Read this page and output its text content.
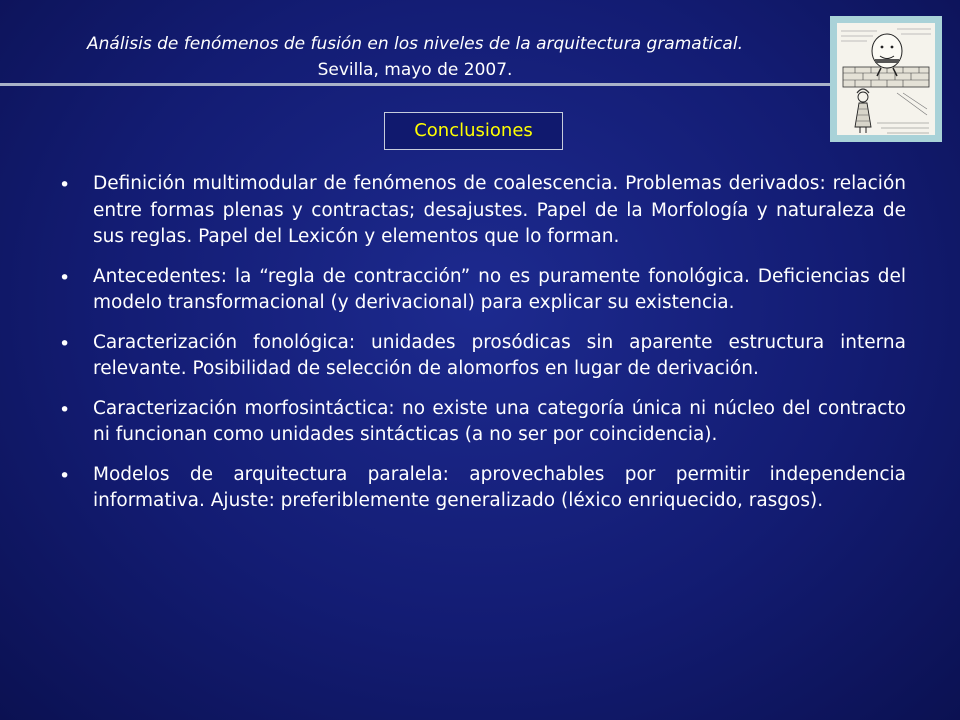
Análisis de fenómenos de fusión en los niveles de la arquitectura gramatical.
Sevilla, mayo de 2007.
Conclusiones
• Definición multimodular de fenómenos de coalescencia. Problemas derivados: relación entre formas plenas y contractas; desajustes. Papel de la Morfología y naturaleza de sus reglas. Papel del Lexicón y elementos que lo forman.
• Antecedentes: la “regla de contracción” no es puramente fonológica. Deficiencias del modelo transformacional (y derivacional) para explicar su existencia.
• Caracterización fonológica: unidades prosódicas sin aparente estructura interna relevante. Posibilidad de selección de alomorfos en lugar de derivación.
• Caracterización morfosintáctica: no existe una categoría única ni núcleo del contracto ni funcionan como unidades sintácticas (a no ser por coincidencia).
• Modelos de arquitectura paralela: aprovechables por permitir independencia informativa. Ajuste: preferiblemente generalizado (léxico enriquecido, rasgos).
